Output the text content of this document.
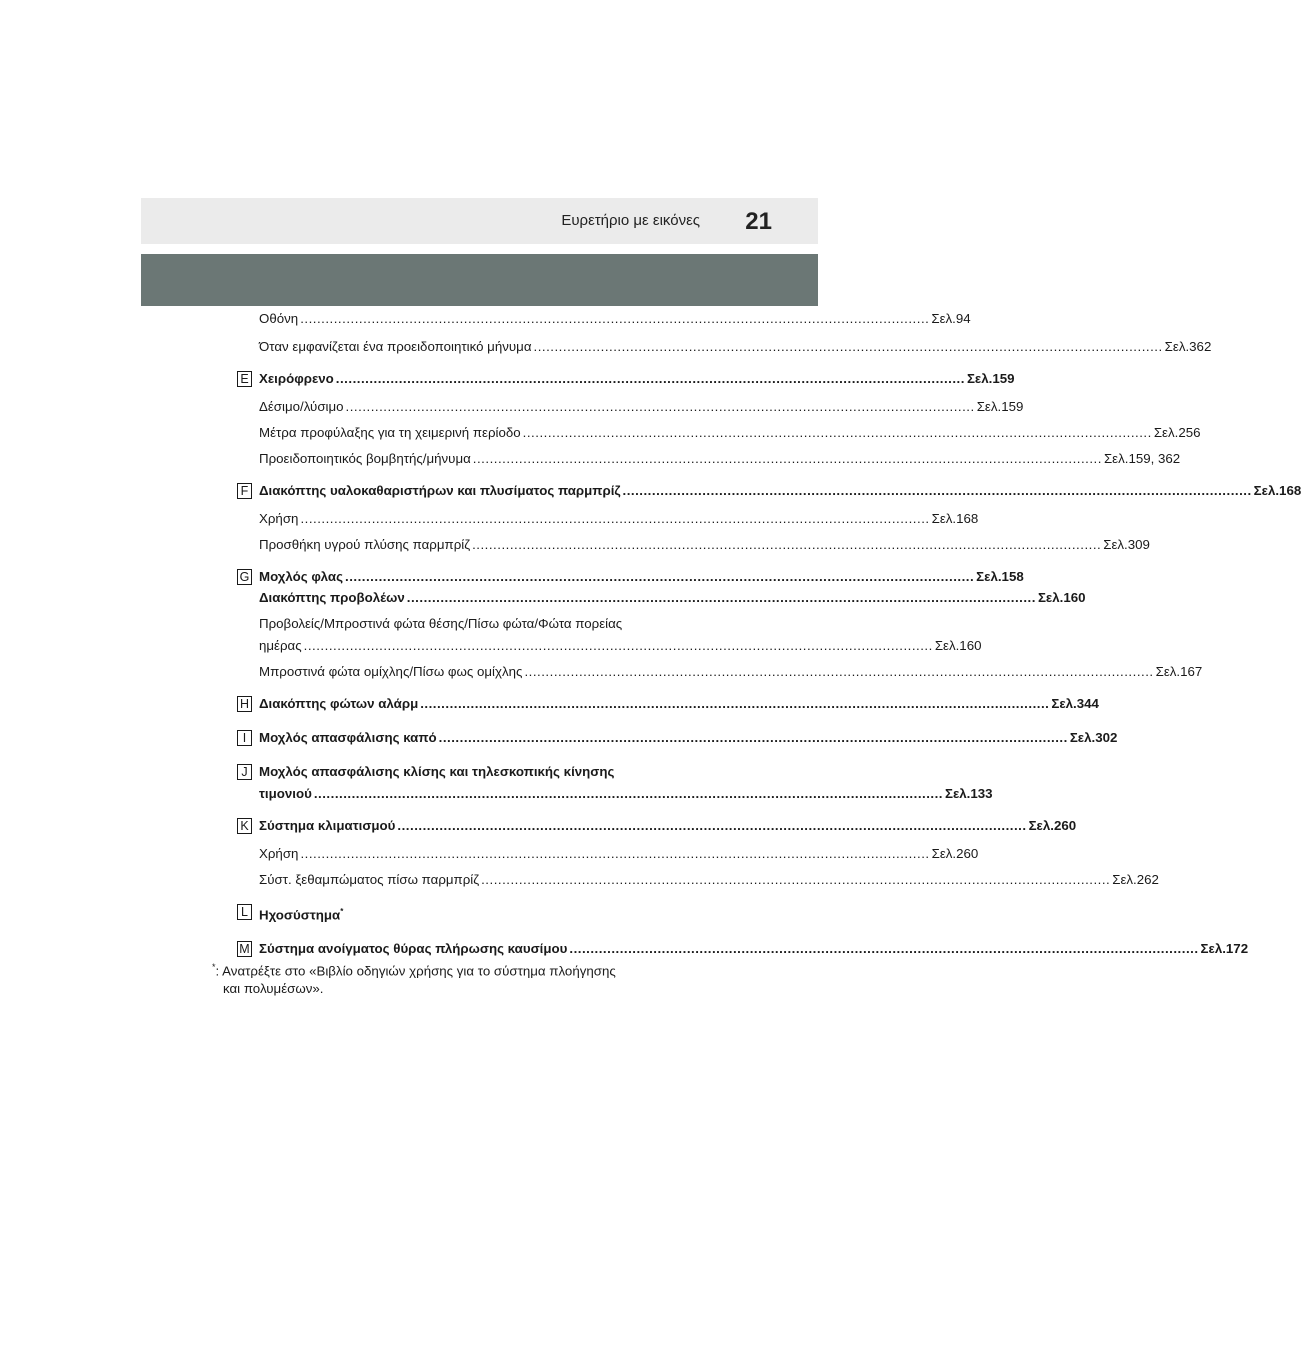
Ευρετήριο με εικόνες 21
Οθόνη ...................................................................................................................................................... Σελ.94
Όταν εμφανίζεται ένα προειδοποιητικό μήνυμα ...................................................................................................................................................... Σελ.362
E Χειρόφρενο ...................................................................................................................................................... Σελ.159
Δέσιμο/λύσιμο ...................................................................................................................................................... Σελ.159
Μέτρα προφύλαξης για τη χειμερινή περίοδο ...................................................................................................................................................... Σελ.256
Προειδοποιητικός βομβητής/μήνυμα ...................................................................................................................................................... Σελ.159, 362
F Διακόπτης υαλοκαθαριστήρων και πλυσίματος παρμπρίζ ...................................................................................................................................................... Σελ.168
Χρήση ...................................................................................................................................................... Σελ.168
Προσθήκη υγρού πλύσης παρμπρίζ ...................................................................................................................................................... Σελ.309
G Μοχλός φλας ...................................................................................................................................................... Σελ.158
Διακόπτης προβολέων ...................................................................................................................................................... Σελ.160
Προβολείς/Μπροστινά φώτα θέσης/Πίσω φώτα/Φώτα πορείας
ημέρας ...................................................................................................................................................... Σελ.160
Μπροστινά φώτα ομίχλης/Πίσω φως ομίχλης ...................................................................................................................................................... Σελ.167
H Διακόπτης φώτων αλάρμ ...................................................................................................................................................... Σελ.344
I Μοχλός απασφάλισης καπό ...................................................................................................................................................... Σελ.302
J Μοχλός απασφάλισης κλίσης και τηλεσκοπικής κίνησης
τιμονιού ...................................................................................................................................................... Σελ.133
K Σύστημα κλιματισμού ...................................................................................................................................................... Σελ.260
Χρήση ...................................................................................................................................................... Σελ.260
Σύστ. ξεθαμπώματος πίσω παρμπρίζ ...................................................................................................................................................... Σελ.262
L Ηχοσύστημα*
M Σύστημα ανοίγματος θύρας πλήρωσης καυσίμου ...................................................................................................................................................... Σελ.172
*: Ανατρέξτε στο «Βιβλίο οδηγιών χρήσης για το σύστημα πλοήγησης
και πολυμέσων».
